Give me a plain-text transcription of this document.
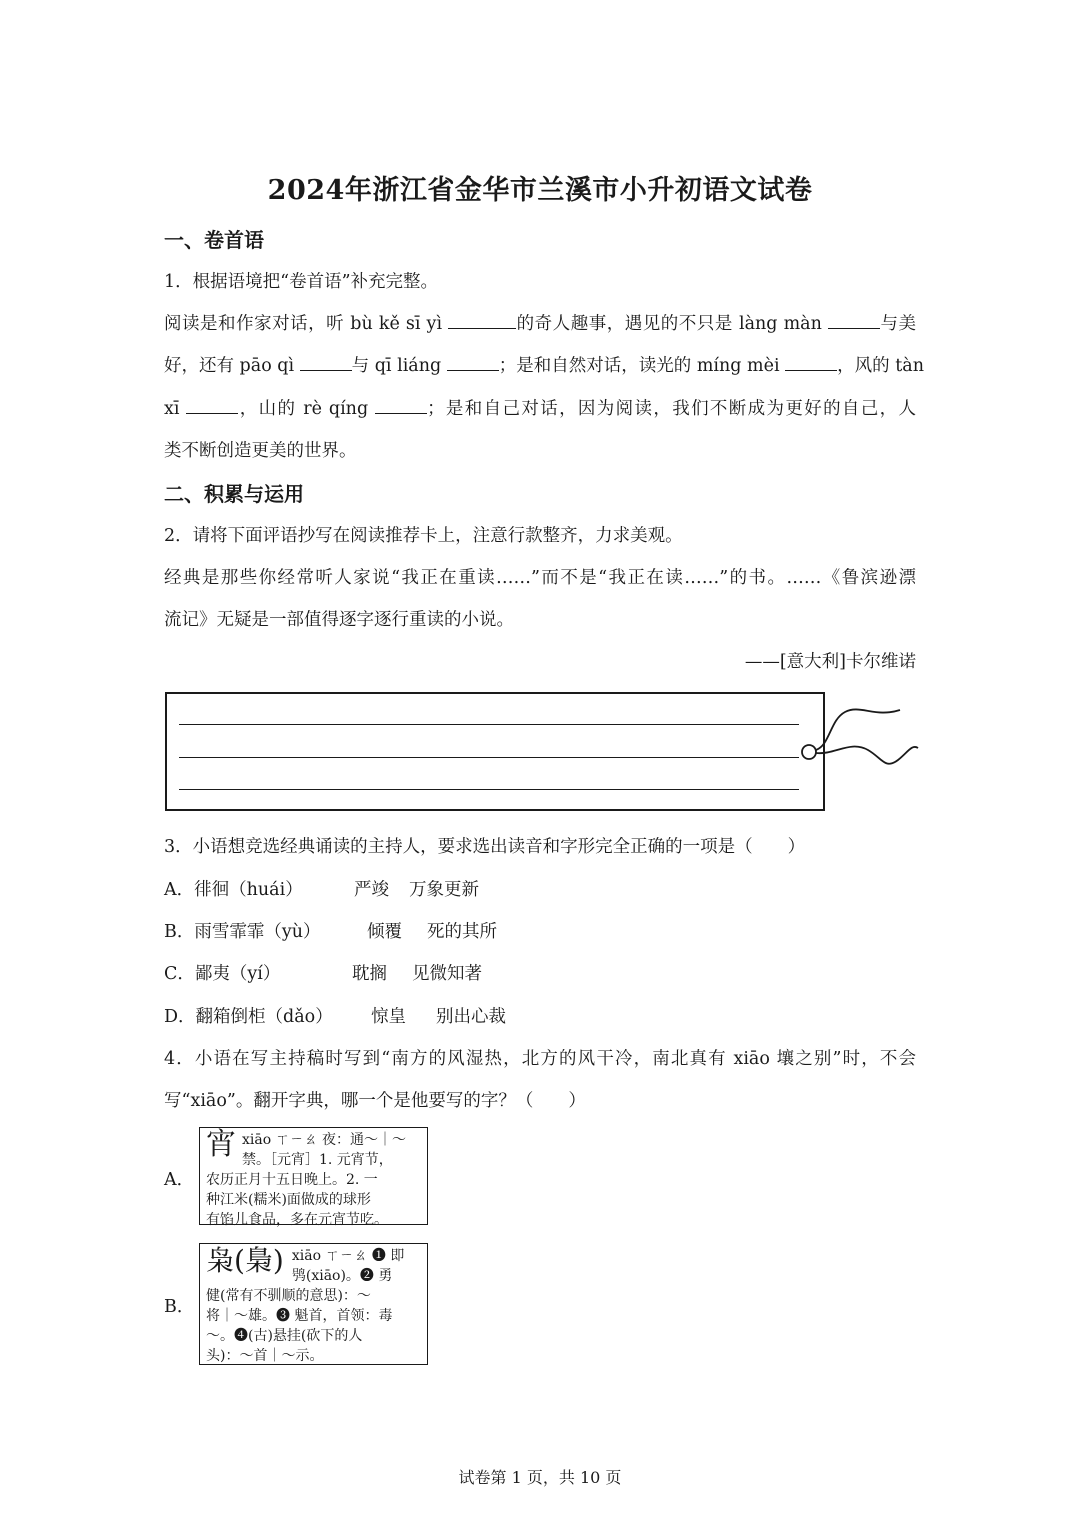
2024年浙江省金华市兰溪市小升初语文试卷
一、卷首语
1．根据语境把“卷首语”补充完整。
阅读是和作家对话，听 bù kě sī yì	的奇人趣事，遇见的不只是 làng màn	与美
好，还有 pāo qì	与 qī liáng	；是和自然对话，读光的 míng mèi	，风的 tàn
xī	，山的 rè qíng	；是和自己对话，因为阅读，我们不断成为更好的自己，人
类不断创造更美的世界。
二、积累与运用
2．请将下面评语抄写在阅读推荐卡上，注意行款整齐，力求美观。
经典是那些你经常听人家说“我正在重读……”而不是“我正在读……”的书。……《鲁滨逊漂
流记》无疑是一部值得逐字逐行重读的小说。
——[意大利]卡尔维诺
3．小语想竞选经典诵读的主持人，要求选出读音和字形完全正确的一项是（　　）
A．徘徊（huái）	严竣 万象更新
B．雨雪霏霏（yù）	倾覆 死的其所
C．鄙夷（yí）	耽搁 见微知著
D．翻箱倒柜（dǎo） 惊皇 别出心裁
4．小语在写主持稿时写到“南方的风湿热，北方的风干冷，南北真有 xiāo 壤之别”时，不会
写“xiāo”。翻开字典，哪一个是他要写的字？（　　）
A．
宵 xiāo ㄒㄧㄠ 夜：通～｜～
禁。［元宵］1. 元宵节，
农历正月十五日晚上。2. 一
种江米(糯米)面做成的球形
有馅儿食品，多在元宵节吃。
B．
枭(梟) xiāo ㄒㄧㄠ ❶ 即
鸮(xiāo)。❷ 勇
健(常有不驯顺的意思)：～
将｜～雄。❸ 魁首，首领：毒
～。❹(古)悬挂(砍下的人
头)：～首｜～示。
试卷第 1 页，共 10 页
